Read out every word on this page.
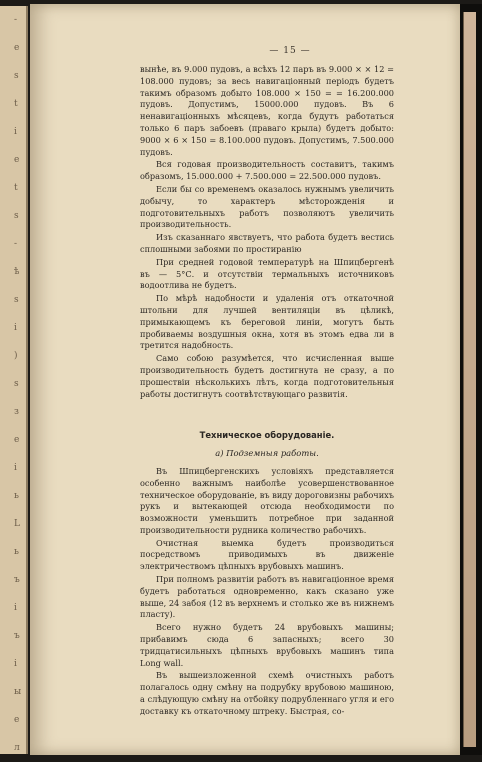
-
e
s
t
i
e
t
s
-
ѣ
s
i
)
s
з
e
i
ь
L
ь
ъ
i
ъ
i
ы
e
л
— 15 —

вынѣе, въ 9.000 пудовъ, а всѣхъ 12 паръ въ 9.000 × × 12 = 108.000 пудовъ; за весь навигаціонный періодъ будетъ такимъ образомъ добыто 108.000 × 150 = = 16.200.000 пудовъ. Допустимъ, 15000.000 пудовъ. Въ 6 ненавигаціонныхъ мѣсяцевъ, когда будутъ работаться только 6 паръ забоевъ (праваго крыла) будетъ добыто: 9000 × 6 × 150 = 8.100.000 пудовъ. Допустимъ, 7.500.000 пудовъ.

Вся годовая производительность составитъ, такимъ образомъ, 15.000.000 + 7.500.000 = 22.500.000 пудовъ.

Если бы со временемъ оказалось нужнымъ увеличить добычу, то характеръ мѣсторожденія и подготовительныхъ работъ позволяютъ увеличить производительность.

Изъ сказаннаго явствуетъ, что работа будетъ вестись сплошными забоями по простиранію

При средней годовой температурѣ на Шпицбергенѣ въ — 5°С. и отсутствіи термальныхъ источниковъ водоотлива не будетъ.

По мѣрѣ надобности и удаленія отъ откаточной штольни для лучшей вентиляціи въ цѣликѣ, примыкающемъ къ береговой линіи, могутъ быть пробиваемы воздушныя окна, хотя въ этомъ едва ли в третится надобность.

Само собою разумѣется, что исчисленная выше производительность будетъ достигнута не сразу, а по прошествіи нѣсколькихъ лѣтъ, когда подготовительныя работы достигнутъ соотвѣтствующаго развитія.

Техническое оборудованіе.
а) Подземныя работы.

Въ Шпицбергенскихъ условіяхъ представляется особенно важнымъ наиболѣе усовершенствованное техническое оборудованіе, въ виду дороговизны рабочихъ рукъ и вытекающей отсюда необходимости по возможности уменьшить потребное при заданной производительности рудника количество рабочихъ.

Очистная выемка будетъ производиться посредствомъ приводимыхъ въ движеніе электричествомъ цѣпныхъ врубовыхъ машинъ.

При полномъ развитіи работъ въ навигаціонное время будетъ работаться одновременно, какъ сказано уже выше, 24 забоя (12 въ верхнемъ и столько же въ нижнемъ пласту).

Всего нужно будетъ 24 врубовыхъ машины; прибавимъ сюда 6 запасныхъ; всего 30 тридцатисильныхъ цѣпныхъ врубовыхъ машинъ типа Long wall.

Въ вышеизложенной схемѣ очистныхъ работъ полагалось одну смѣну на подрубку врубовою машиною, а слѣдующую смѣну на отбойку подрубленнаго угля и его доставку къ откаточному штреку. Быстрая, со-
